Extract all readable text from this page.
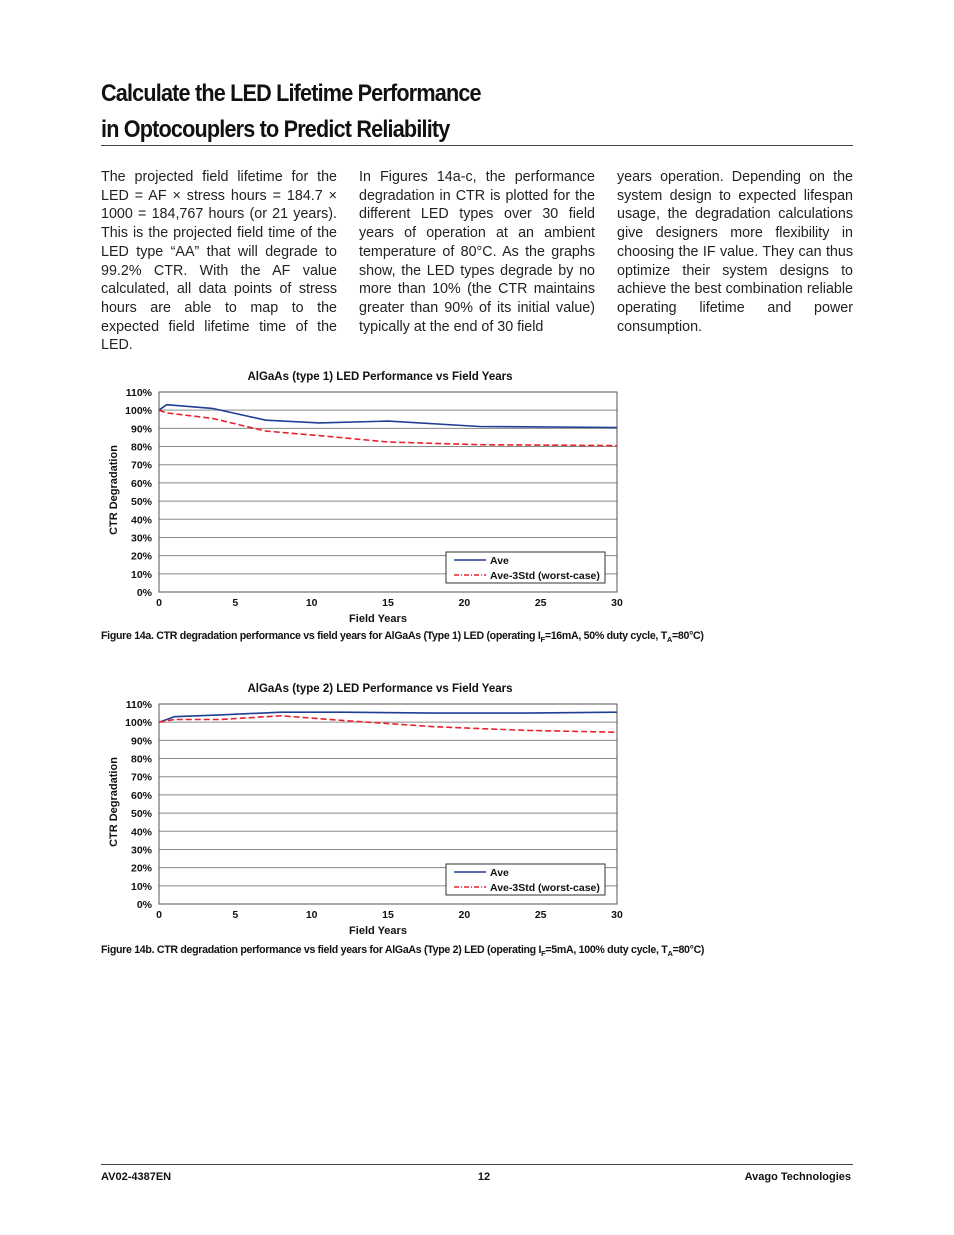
Calculate the LED Lifetime Performance
in Optocouplers to Predict Reliability
The projected field lifetime for the LED = AF × stress hours = 184.7 × 1000 = 184,767 hours (or 21 years). This is the projected field time of the LED type “AA” that will degrade to 99.2% CTR. With the AF value calculated, all data points of stress hours are able to map to the expected field lifetime time of the LED.
In Figures 14a-c, the performance degradation in CTR is plotted for the different LED types over 30 field years of operation at an ambient temperature of 80°C. As the graphs show, the LED types degrade by no more than 10% (the CTR maintains greater than 90% of its initial value) typically at the end of 30 field
years operation. Depending on the system design to expected lifespan usage, the degradation calculations give designers more flexibility in choosing the IF value. They can thus optimize their system designs to achieve the best combination reliable operating lifetime and power consumption.
AlGaAs (type 1) LED Performance vs Field Years
0%
10%
20%
30%
40%
50%
60%
70%
80%
90%
100%
110%
0	5	10	15	20	25	30
Field Years
CTR Degradation
Ave
Ave-3Std (worst-case)
Figure 14a. CTR degradation performance vs field years for AlGaAs (Type 1) LED (operating $I_F=16mA$, 50% duty cycle, $T_A=80^\circ C$)
AlGaAs (type 2) LED Performance vs Field Years
0%
10%
20%
30%
40%
50%
60%
70%
80%
90%
100%
110%
0	5	10	15	20	25	30
Field Years
CTR Degradation
Ave
Ave-3Std (worst-case)
Figure 14b. CTR degradation performance vs field years for AlGaAs (Type 2) LED (operating $I_F=5mA$, 100% duty cycle, $T_A=80^\circ C$)
AV02-4387EN	12	Avago Technologies
